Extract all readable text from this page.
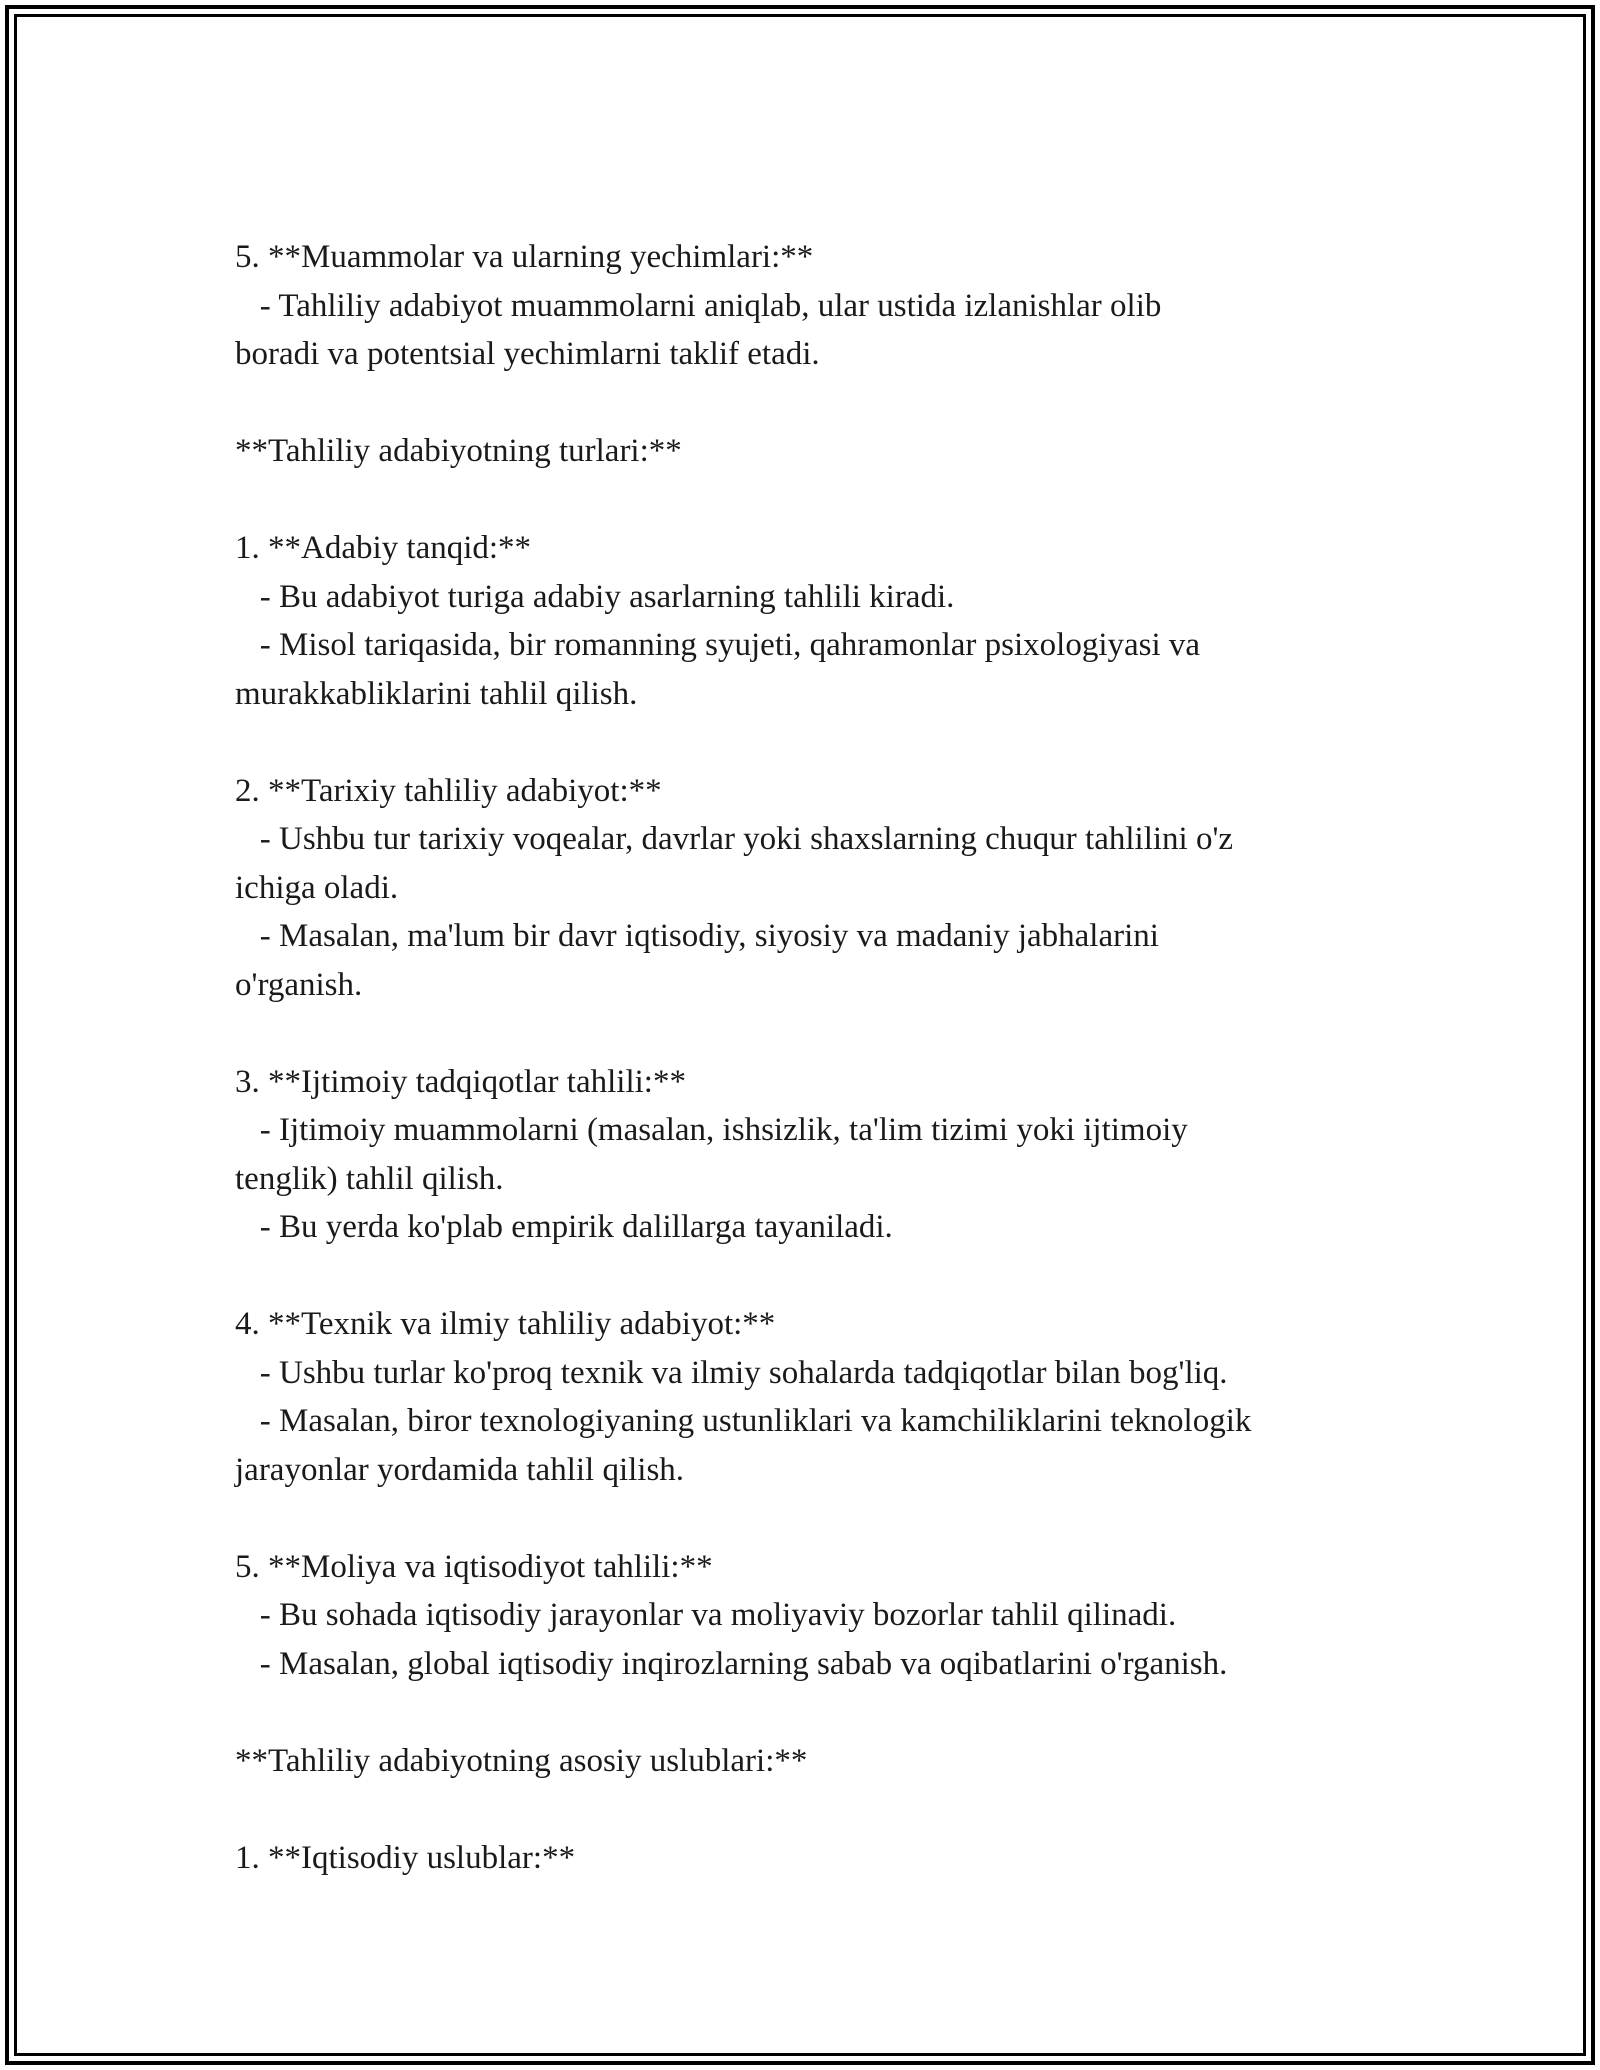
5. **Muammolar va ularning yechimlari:**
- Tahliliy adabiyot muammolarni aniqlab, ular ustida izlanishlar olib
boradi va potentsial yechimlarni taklif etadi.
**Tahliliy adabiyotning turlari:**
1. **Adabiy tanqid:**
- Bu adabiyot turiga adabiy asarlarning tahlili kiradi.
- Misol tariqasida, bir romanning syujeti, qahramonlar psixologiyasi va
murakkabliklarini tahlil qilish.
2. **Tarixiy tahliliy adabiyot:**
- Ushbu tur tarixiy voqealar, davrlar yoki shaxslarning chuqur tahlilini o'z
ichiga oladi.
- Masalan, ma'lum bir davr iqtisodiy, siyosiy va madaniy jabhalarini
o'rganish.
3. **Ijtimoiy tadqiqotlar tahlili:**
- Ijtimoiy muammolarni (masalan, ishsizlik, ta'lim tizimi yoki ijtimoiy
tenglik) tahlil qilish.
- Bu yerda ko'plab empirik dalillarga tayaniladi.
4. **Texnik va ilmiy tahliliy adabiyot:**
- Ushbu turlar ko'proq texnik va ilmiy sohalarda tadqiqotlar bilan bog'liq.
- Masalan, biror texnologiyaning ustunliklari va kamchiliklarini teknologik
jarayonlar yordamida tahlil qilish.
5. **Moliya va iqtisodiyot tahlili:**
- Bu sohada iqtisodiy jarayonlar va moliyaviy bozorlar tahlil qilinadi.
- Masalan, global iqtisodiy inqirozlarning sabab va oqibatlarini o'rganish.
**Tahliliy adabiyotning asosiy uslublari:**
1. **Iqtisodiy uslublar:**
